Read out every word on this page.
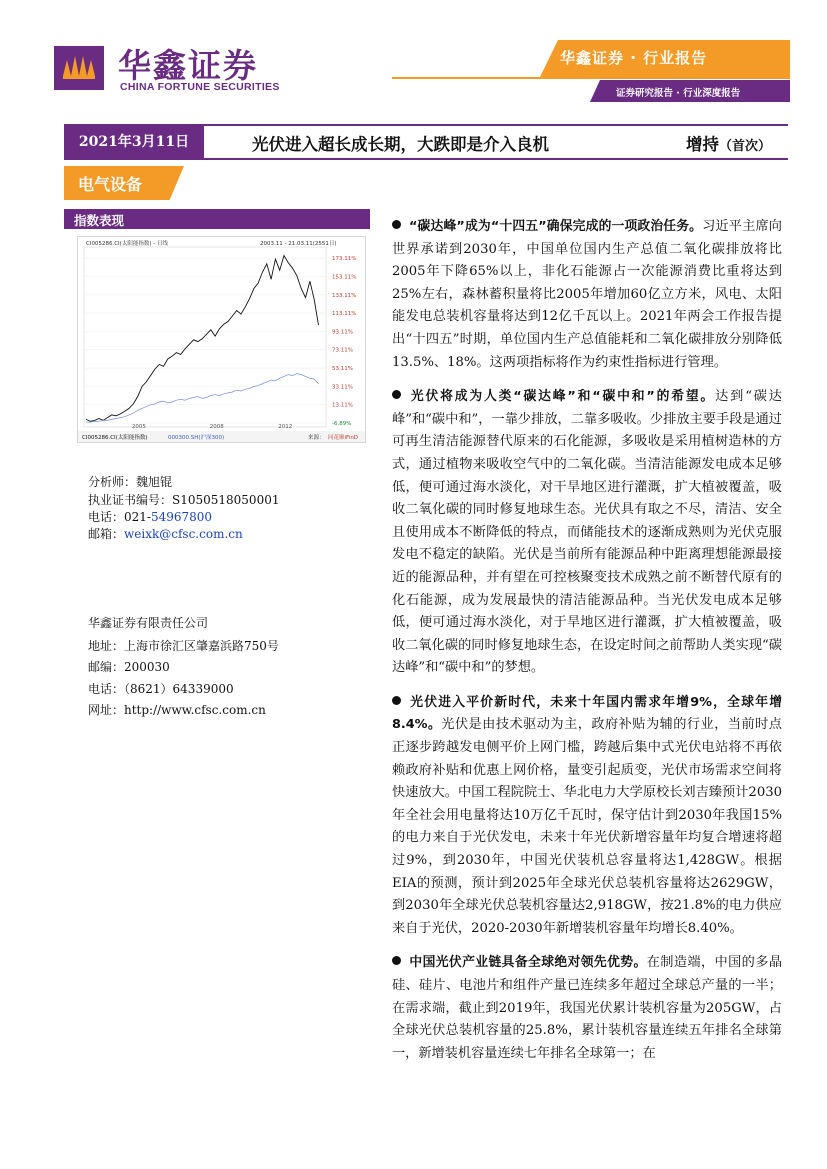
华鑫证券
CHINA FORTUNE SECURITIES
华鑫证券 · 行业报告
证券研究报告 · 行业深度报告
2021年3月11日	光伏进入超长成长期，大跌即是介入良机	增持（首次）
电气设备
指数表现
CI005286.CI(太阳能指数) - 日线	2003.11 - 21.03.11(2551日)
2005	2008	2012
173.11%
153.11%
133.11%
113.11%
93.11%
73.11%
53.11%
33.11%
13.11%
-6.89%
CI005286.CI(太阳能指数)	000300.SH(沪深300)	来源： 同花顺iFinD
分析师：魏旭锟
执业证书编号：S1050518050001
电话：021-54967800
邮箱：weixk@cfsc.com.cn
华鑫证券有限责任公司
地址：上海市徐汇区肇嘉浜路750号
邮编：200030
电话：（8621）64339000
网址：http://www.cfsc.com.cn

“碳达峰”成为“十四五”确保完成的一项政治任务。习近平主席向世界承诺到2030年，中国单位国内生产总值二氧化碳排放将比2005年下降65%以上，非化石能源占一次能源消费比重将达到25%左右，森林蓄积量将比2005年增加60亿立方米，风电、太阳能发电总装机容量将达到12亿千瓦以上。2021年两会工作报告提出“十四五”时期，单位国内生产总值能耗和二氧化碳排放分别降低13.5%、18%。这两项指标将作为约束性指标进行管理。

光伏将成为人类“碳达峰”和“碳中和”的希望。达到“碳达峰”和“碳中和”，一靠少排放，二靠多吸收。少排放主要手段是通过可再生清洁能源替代原来的石化能源，多吸收是采用植树造林的方式，通过植物来吸收空气中的二氧化碳。当清洁能源发电成本足够低，便可通过海水淡化，对干旱地区进行灌溉，扩大植被覆盖，吸收二氧化碳的同时修复地球生态。光伏具有取之不尽，清洁、安全且使用成本不断降低的特点，而储能技术的逐渐成熟则为光伏克服发电不稳定的缺陷。光伏是当前所有能源品种中距离理想能源最接近的能源品种，并有望在可控核聚变技术成熟之前不断替代原有的化石能源，成为发展最快的清洁能源品种。当光伏发电成本足够低，便可通过海水淡化，对于旱地区进行灌溉，扩大植被覆盖，吸收二氧化碳的同时修复地球生态，在设定时间之前帮助人类实现“碳达峰”和“碳中和”的梦想。

光伏进入平价新时代，未来十年国内需求年增9%，全球年增8.4%。光伏是由技术驱动为主，政府补贴为辅的行业，当前时点正逐步跨越发电侧平价上网门槛，跨越后集中式光伏电站将不再依赖政府补贴和优惠上网价格，量变引起质变，光伏市场需求空间将快速放大。中国工程院院士、华北电力大学原校长刘吉臻预计2030年全社会用电量将达10万亿千瓦时，保守估计到2030年我国15%的电力来自于光伏发电，未来十年光伏新增容量年均复合增速将超过9%，到2030年，中国光伏装机总容量将达1,428GW。根据EIA的预测，预计到2025年全球光伏总装机容量将达2629GW，到2030年全球光伏总装机容量达2,918GW，按21.8%的电力供应来自于光伏，2020-2030年新增装机容量年均增长8.40%。

中国光伏产业链具备全球绝对领先优势。在制造端，中国的多晶硅、硅片、电池片和组件产量已连续多年超过全球总产量的一半；在需求端，截止到2019年，我国光伏累计装机容量为205GW，占全球光伏总装机容量的25.8%，累计装机容量连续五年排名全球第一，新增装机容量连续七年排名全球第一；在
